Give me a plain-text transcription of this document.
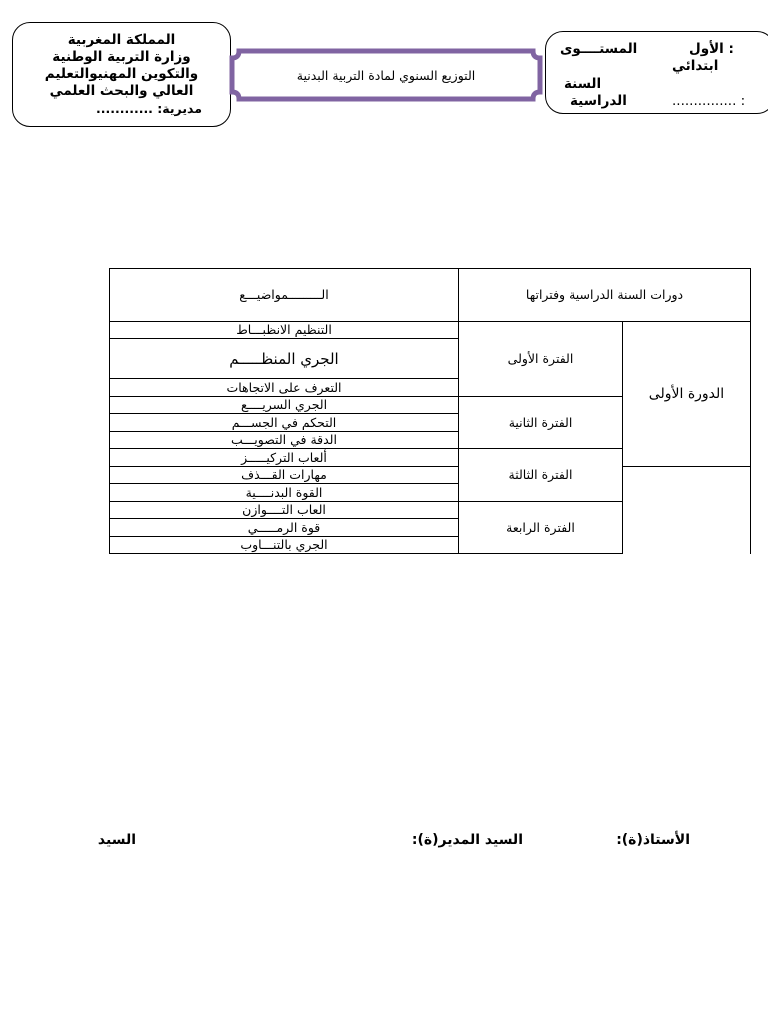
المملكة المغربية
وزارة التربية الوطنية
والتكوين المهنيوالتعليم
العالي والبحث العلمي
مديرية: ............
التوزيع السنوي لمادة التربية البدنية
: الأول
المستــــوى
ابتدائي
السنة
الدراسية	: ...............
الـــــــــمواضيـــع	دورات السنة الدراسية وفتراتها		
التنظيم الانظبـــاط	الفترة الأولى	الدورة الأولى	
الجري المنظـــــم			
التعرف على الاتجاهات			
الجري السريــــع	الفترة الثانية		
التحكم في الجســـم			
الدقة في التصويـــب			
ألعاب التركيـــــز	الفترة الثالثة	
مهارات القـــذف			
القوة البدنــــية			
العاب التــــوازن	الفترة الرابعة		
قوة الرمـــــي			
الجري بالتنـــاوب			
الأستاذ(ة):
السيد المدير(ة):
السيد
